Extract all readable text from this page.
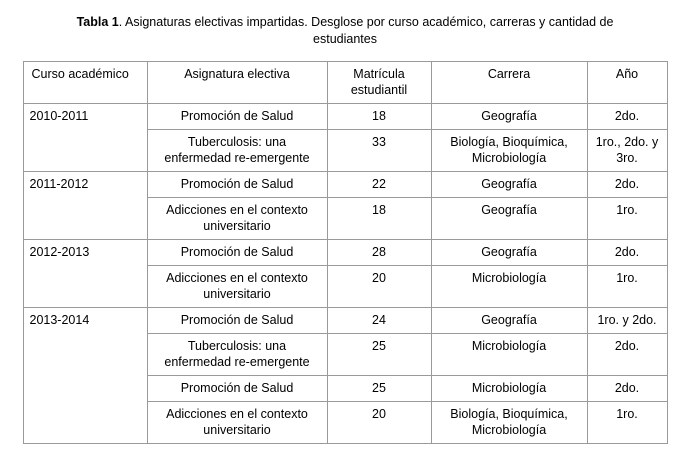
Tabla 1. Asignaturas electivas impartidas. Desglose por curso académico, carreras y cantidad de estudiantes
Curso académico	Asignatura electiva	Matrícula estudiantil	Carrera	Año
2010-2011	Promoción de Salud	18	Geografía	2do.
	Tuberculosis: una enfermedad re-emergente	33	Biología, Bioquímica, Microbiología	1ro., 2do. y 3ro.
2011-2012	Promoción de Salud	22	Geografía	2do.
	Adicciones en el contexto universitario	18	Geografía	1ro.
2012-2013	Promoción de Salud	28	Geografía	2do.
	Adicciones en el contexto universitario	20	Microbiología	1ro.
2013-2014	Promoción de Salud	24	Geografía	1ro. y 2do.
	Tuberculosis: una enfermedad re-emergente	25	Microbiología	2do.
	Promoción de Salud	25	Microbiología	2do.
	Adicciones en el contexto universitario	20	Biología, Bioquímica, Microbiología	1ro.
